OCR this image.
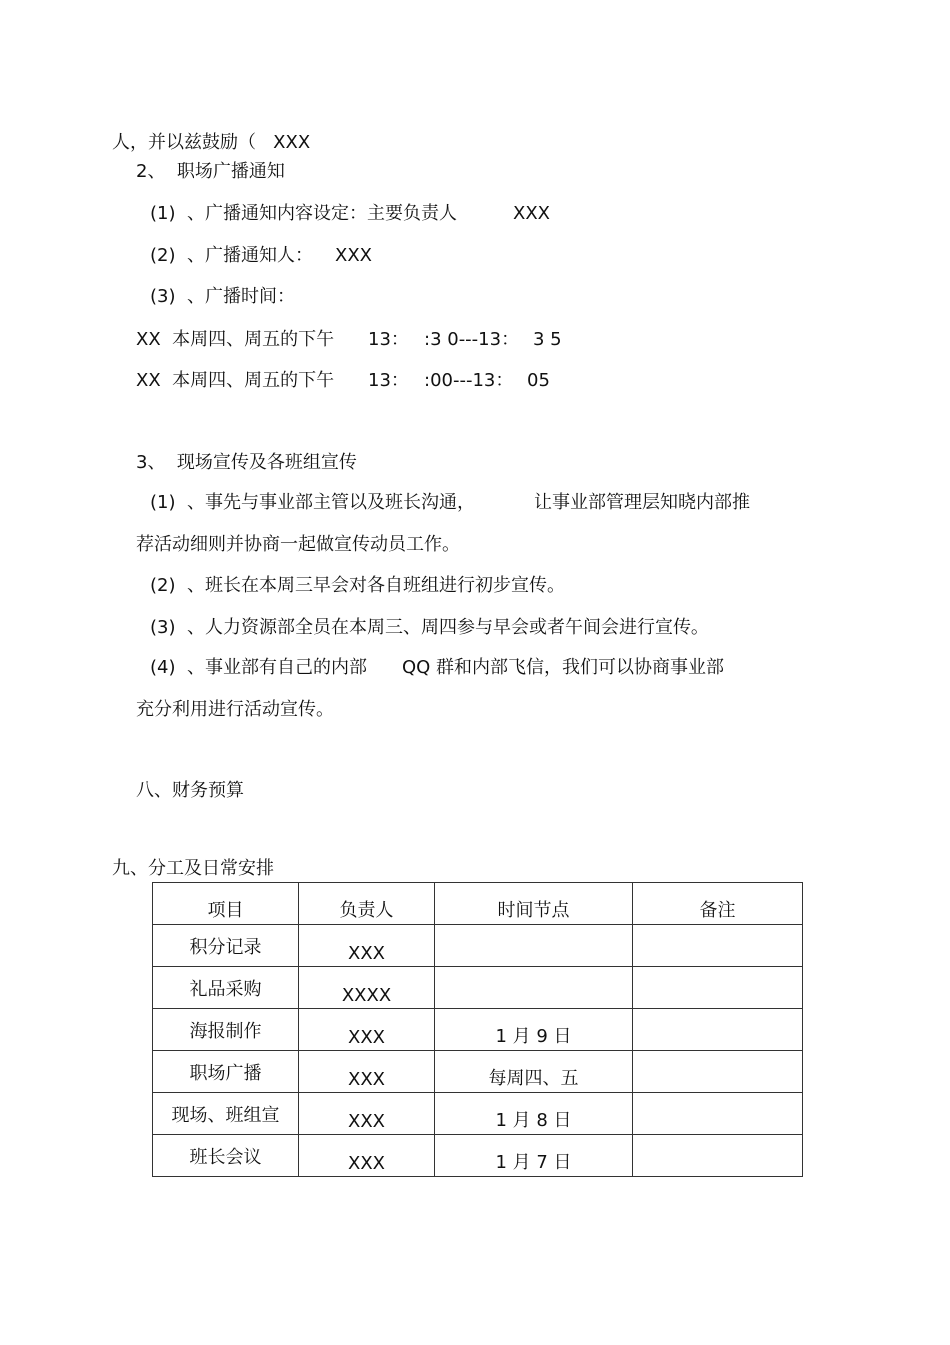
人，并以兹鼓励（   XXX
2、  职场广播通知

(1)  、广播通知内容设定：主要负责人

	XXX

(2)  、广播通知人：

XXX

(3)  、广播时间：

XX  本周四、周五的下午

13：

:3 0---13：

3 5

XX  本周四、周五的下午

13：

:00---13：

05

3、  现场宣传及各班组宣传

(1)  、事先与事业部主管以及班长沟通，

	让事业部管理层知晓内部推

荐活动细则并协商一起做宣传动员工作。
(2)  、班长在本周三早会对各自班组进行初步宣传。
(3)  、人力资源部全员在本周三、周四参与早会或者午间会进行宣传。

(4)  、事业部有自己的内部

QQ 群和内部飞信，我们可以协商事业部

充分利用进行活动宣传。
八、财务预算
九、分工及日常安排
项目	负责人	时间节点	备注
积分记录	XXX		
礼品采购	XXXX		
海报制作	XXX	1 月 9 日	
职场广播	XXX	每周四、五	
现场、班组宣	XXX	1 月 8 日	
班长会议	XXX	1 月 7 日	
